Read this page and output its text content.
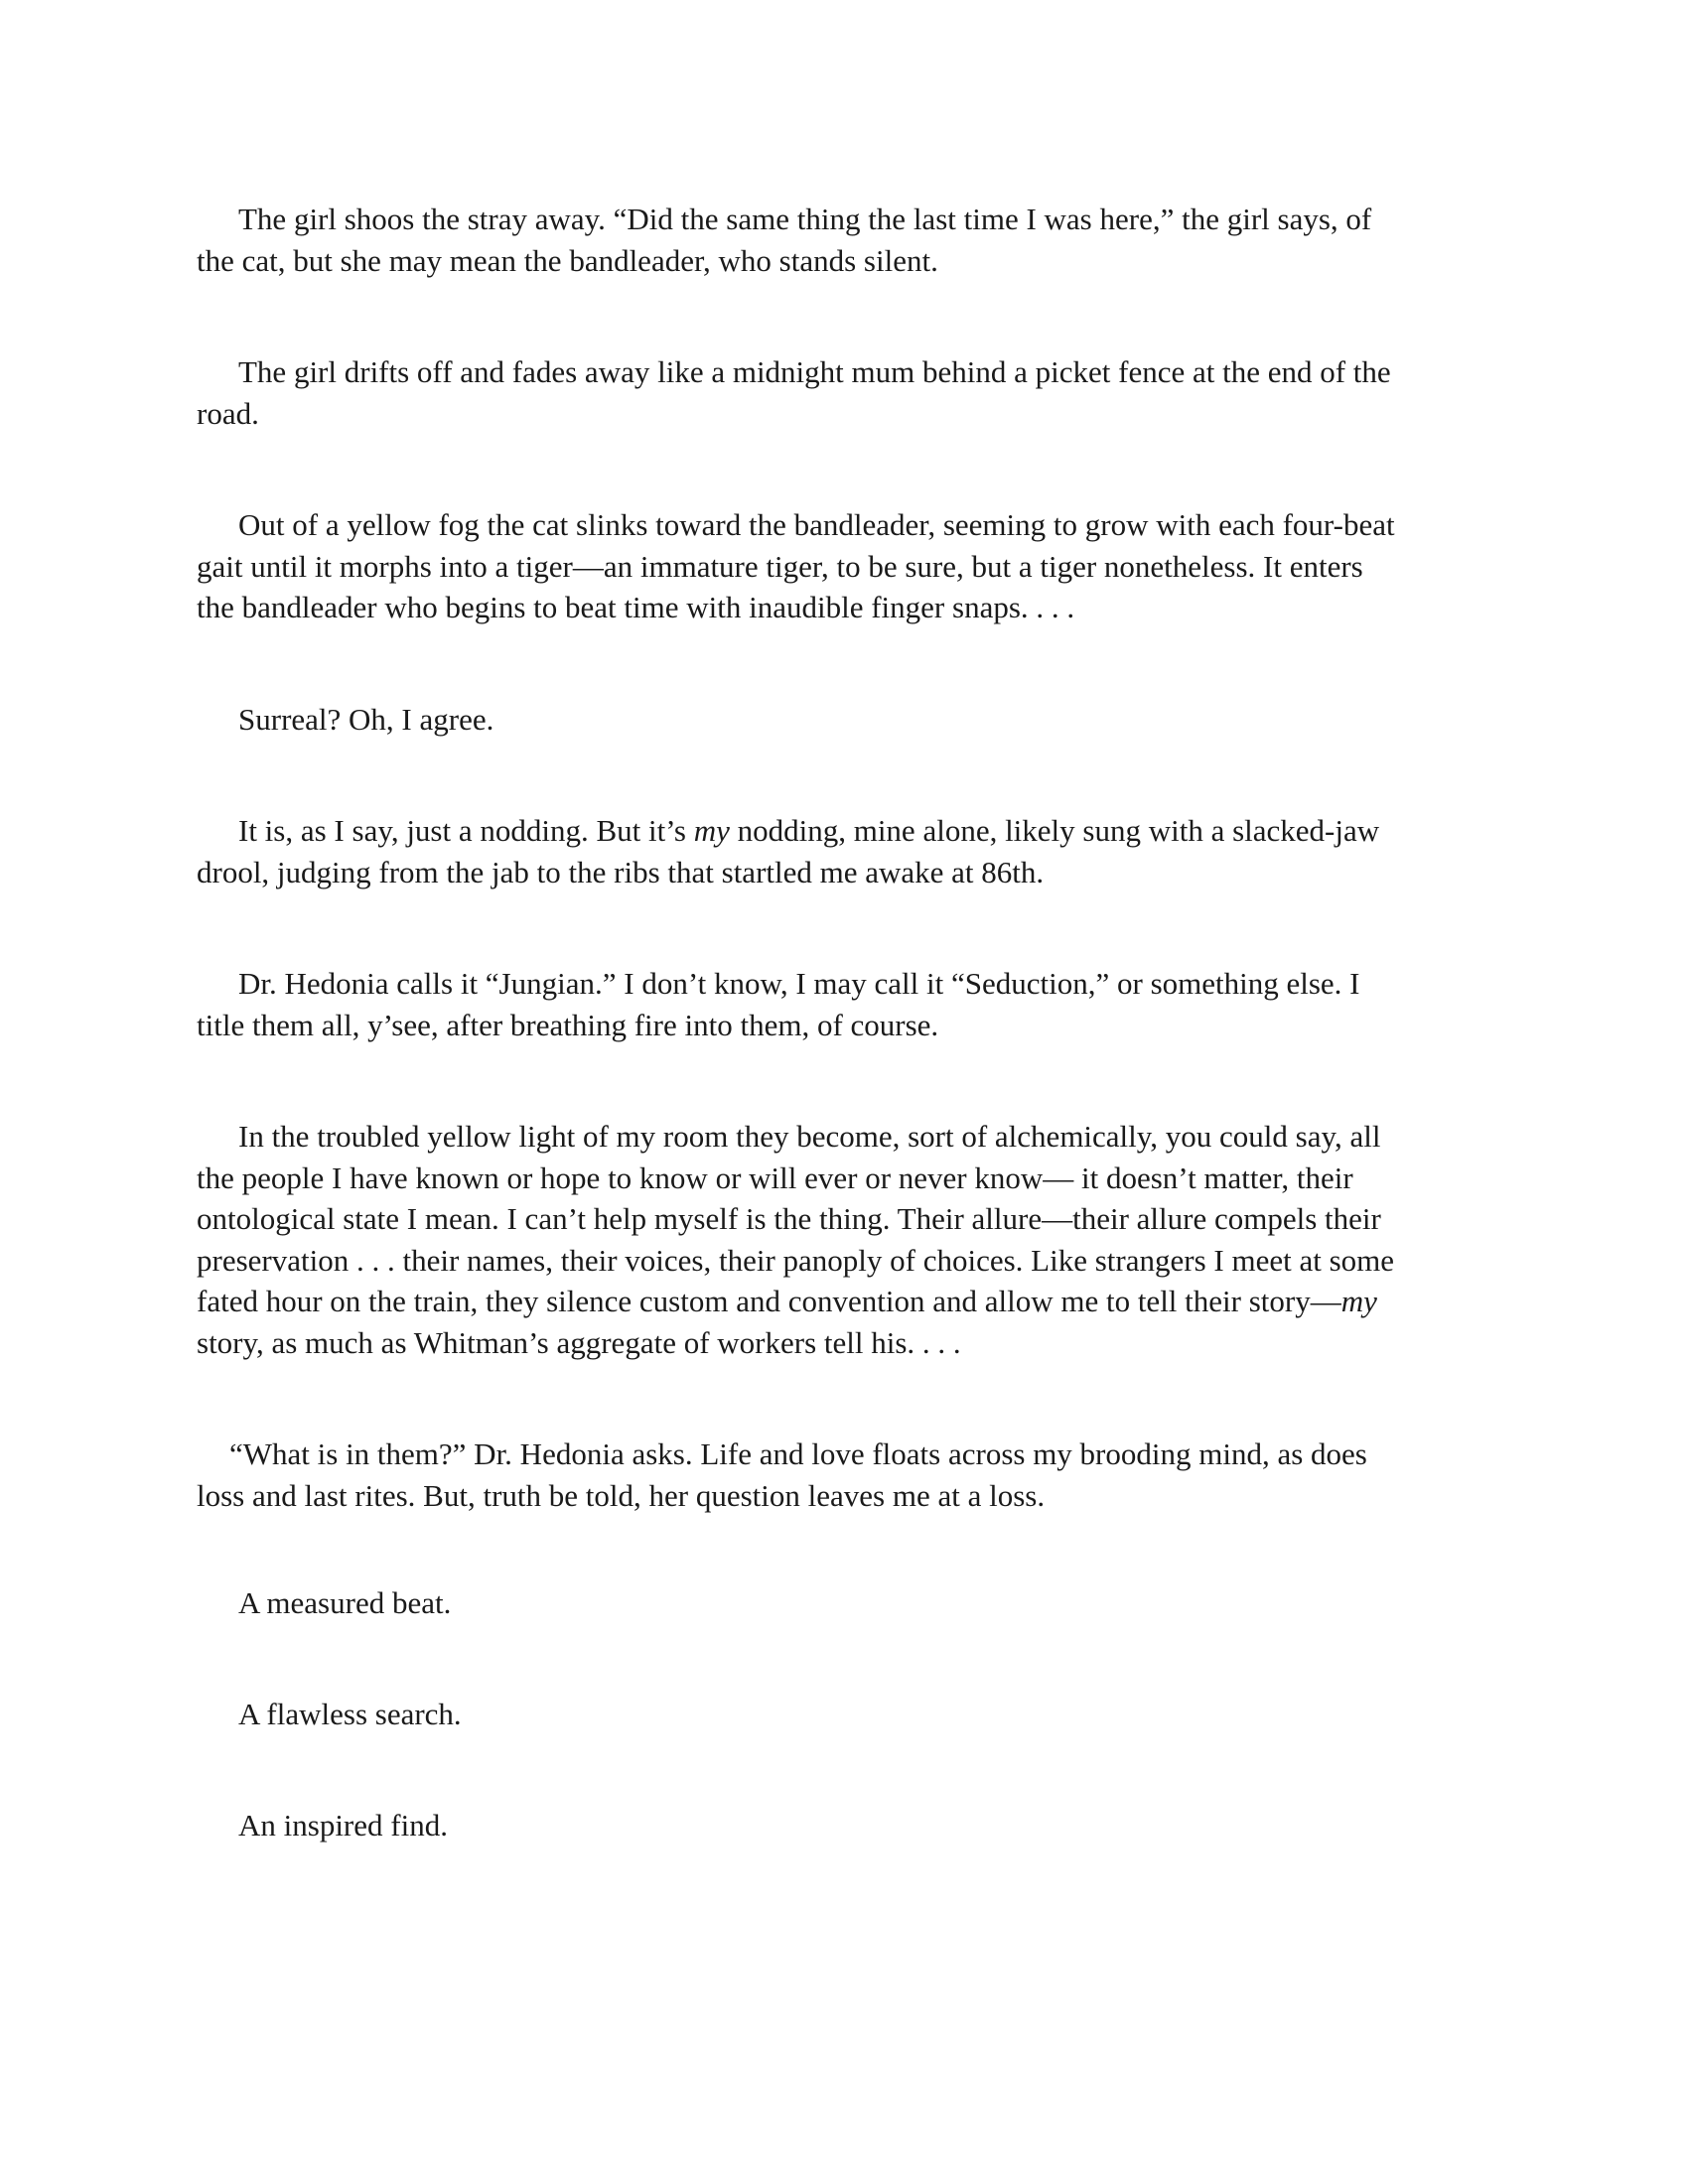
The girl shoos the stray away. “Did the same thing the last time I was here,” the girl says, of
the cat, but she may mean the bandleader, who stands silent.

The girl drifts off and fades away like a midnight mum behind a picket fence at the end of the
road.

Out of a yellow fog the cat slinks toward the bandleader, seeming to grow with each four-beat
gait until it morphs into a tiger—an immature tiger, to be sure, but a tiger nonetheless. It enters
the bandleader who begins to beat time with inaudible finger snaps. . . .

Surreal? Oh, I agree.

It is, as I say, just a nodding. But it’s my nodding, mine alone, likely sung with a slacked-jaw
drool, judging from the jab to the ribs that startled me awake at 86th.

Dr. Hedonia calls it “Jungian.” I don’t know, I may call it “Seduction,” or something else. I
title them all, y’see, after breathing fire into them, of course.

In the troubled yellow light of my room they become, sort of alchemically, you could say, all
the people I have known or hope to know or will ever or never know— it doesn’t matter, their
ontological state I mean. I can’t help myself is the thing. Their allure—their allure compels their
preservation . . . their names, their voices, their panoply of choices. Like strangers I meet at some
fated hour on the train, they silence custom and convention and allow me to tell their story—my
story, as much as Whitman’s aggregate of workers tell his. . . .

“What is in them?” Dr. Hedonia asks. Life and love floats across my brooding mind, as does
loss and last rites. But, truth be told, her question leaves me at a loss.

A measured beat.

A flawless search.

An inspired find.
